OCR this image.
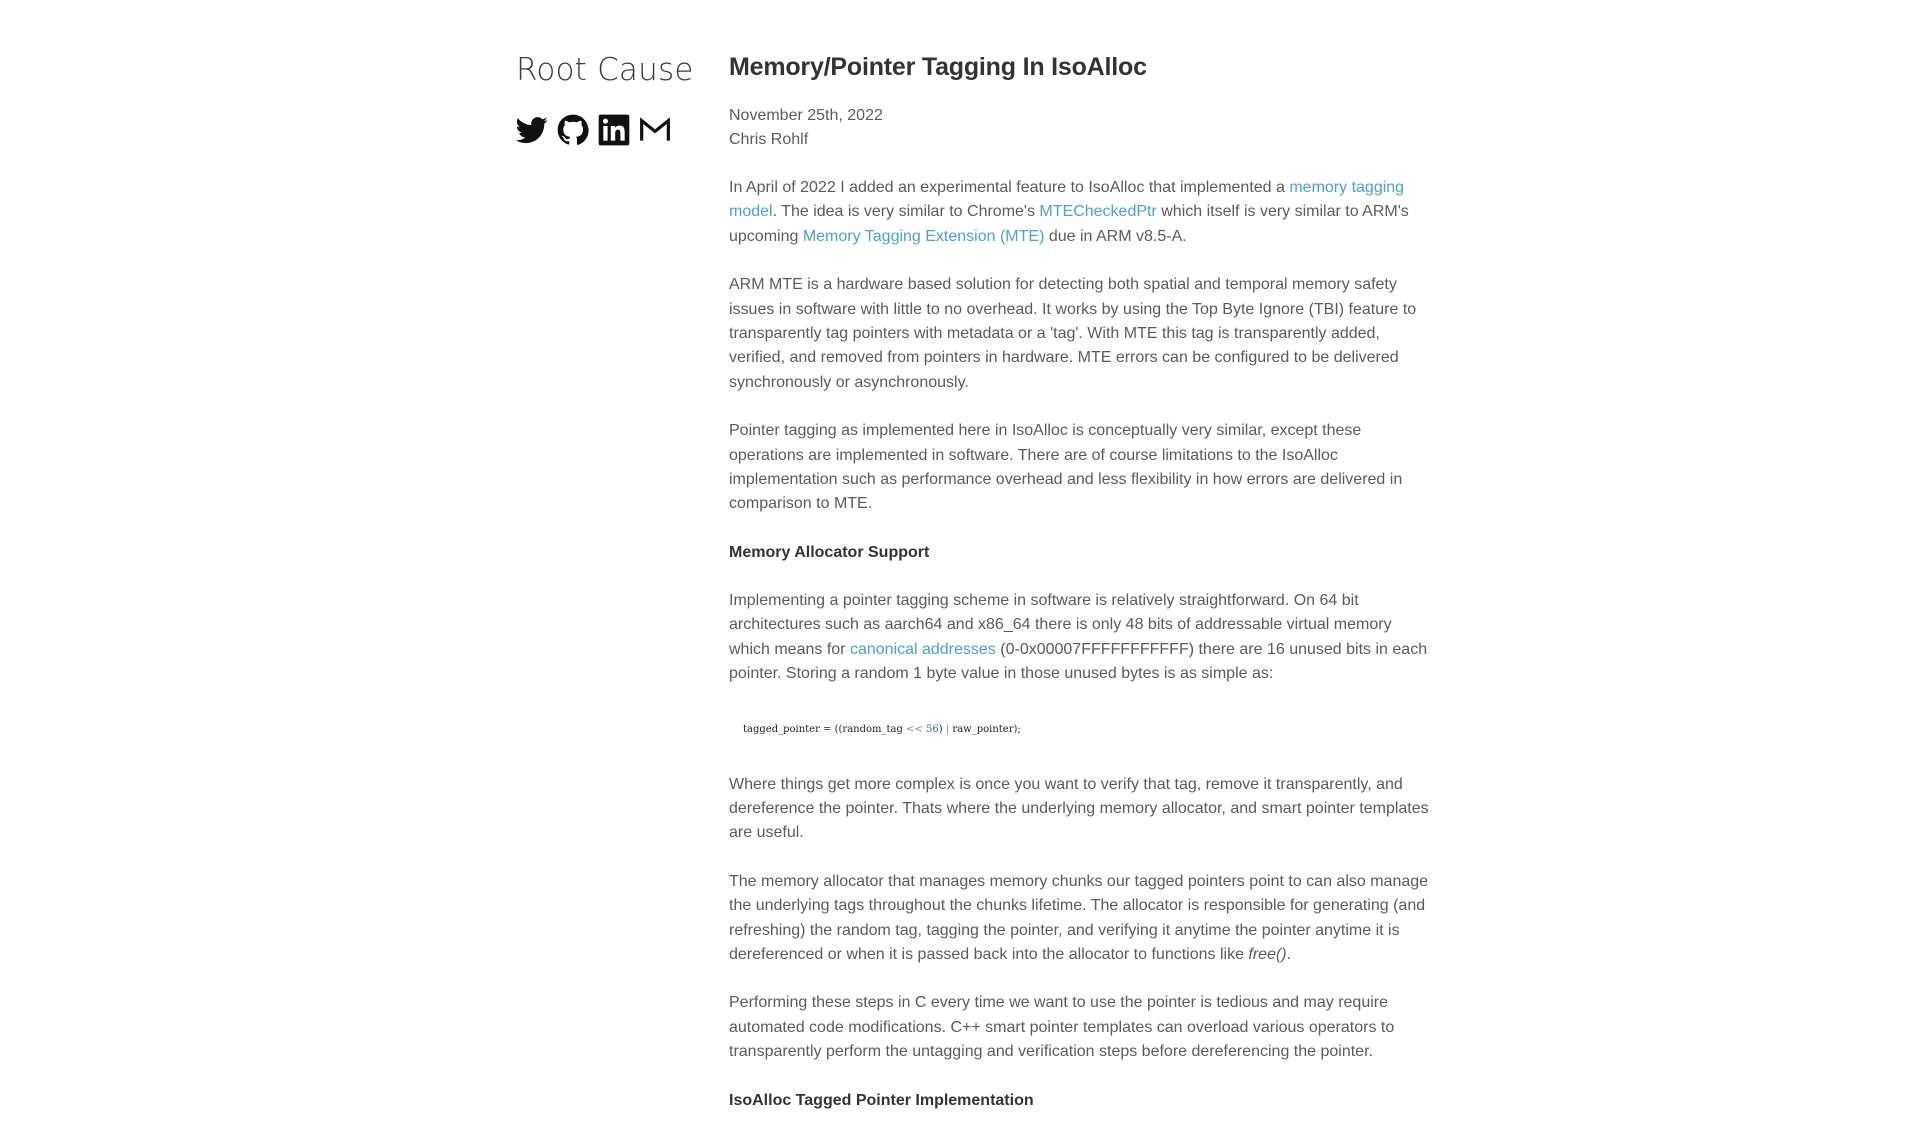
Root Cause	Memory/Pointer Tagging In IsoAlloc
November 25th, 2022
Chris Rohlf

In April of 2022 I added an experimental feature to IsoAlloc that implemented a memory tagging model. The idea is very similar to Chrome's MTECheckedPtr which itself is very similar to ARM's upcoming Memory Tagging Extension (MTE) due in ARM v8.5-A.

ARM MTE is a hardware based solution for detecting both spatial and temporal memory safety issues in software with little to no overhead. It works by using the Top Byte Ignore (TBI) feature to transparently tag pointers with metadata or a 'tag'. With MTE this tag is transparently added, verified, and removed from pointers in hardware. MTE errors can be configured to be delivered synchronously or asynchronously.

Pointer tagging as implemented here in IsoAlloc is conceptually very similar, except these operations are implemented in software. There are of course limitations to the IsoAlloc implementation such as performance overhead and less flexibility in how errors are delivered in comparison to MTE.

Memory Allocator Support

Implementing a pointer tagging scheme in software is relatively straightforward. On 64 bit architectures such as aarch64 and x86_64 there is only 48 bits of addressable virtual memory which means for canonical addresses (0-0x00007FFFFFFFFFFF) there are 16 unused bits in each pointer. Storing a random 1 byte value in those unused bytes is as simple as:

tagged_pointer = ((random_tag << 56) | raw_pointer);

Where things get more complex is once you want to verify that tag, remove it transparently, and dereference the pointer. Thats where the underlying memory allocator, and smart pointer templates are useful.

The memory allocator that manages memory chunks our tagged pointers point to can also manage the underlying tags throughout the chunks lifetime. The allocator is responsible for generating (and refreshing) the random tag, tagging the pointer, and verifying it anytime the pointer anytime it is dereferenced or when it is passed back into the allocator to functions like free().

Performing these steps in C every time we want to use the pointer is tedious and may require automated code modifications. C++ smart pointer templates can overload various operators to transparently perform the untagging and verification steps before dereferencing the pointer.

IsoAlloc Tagged Pointer Implementation
